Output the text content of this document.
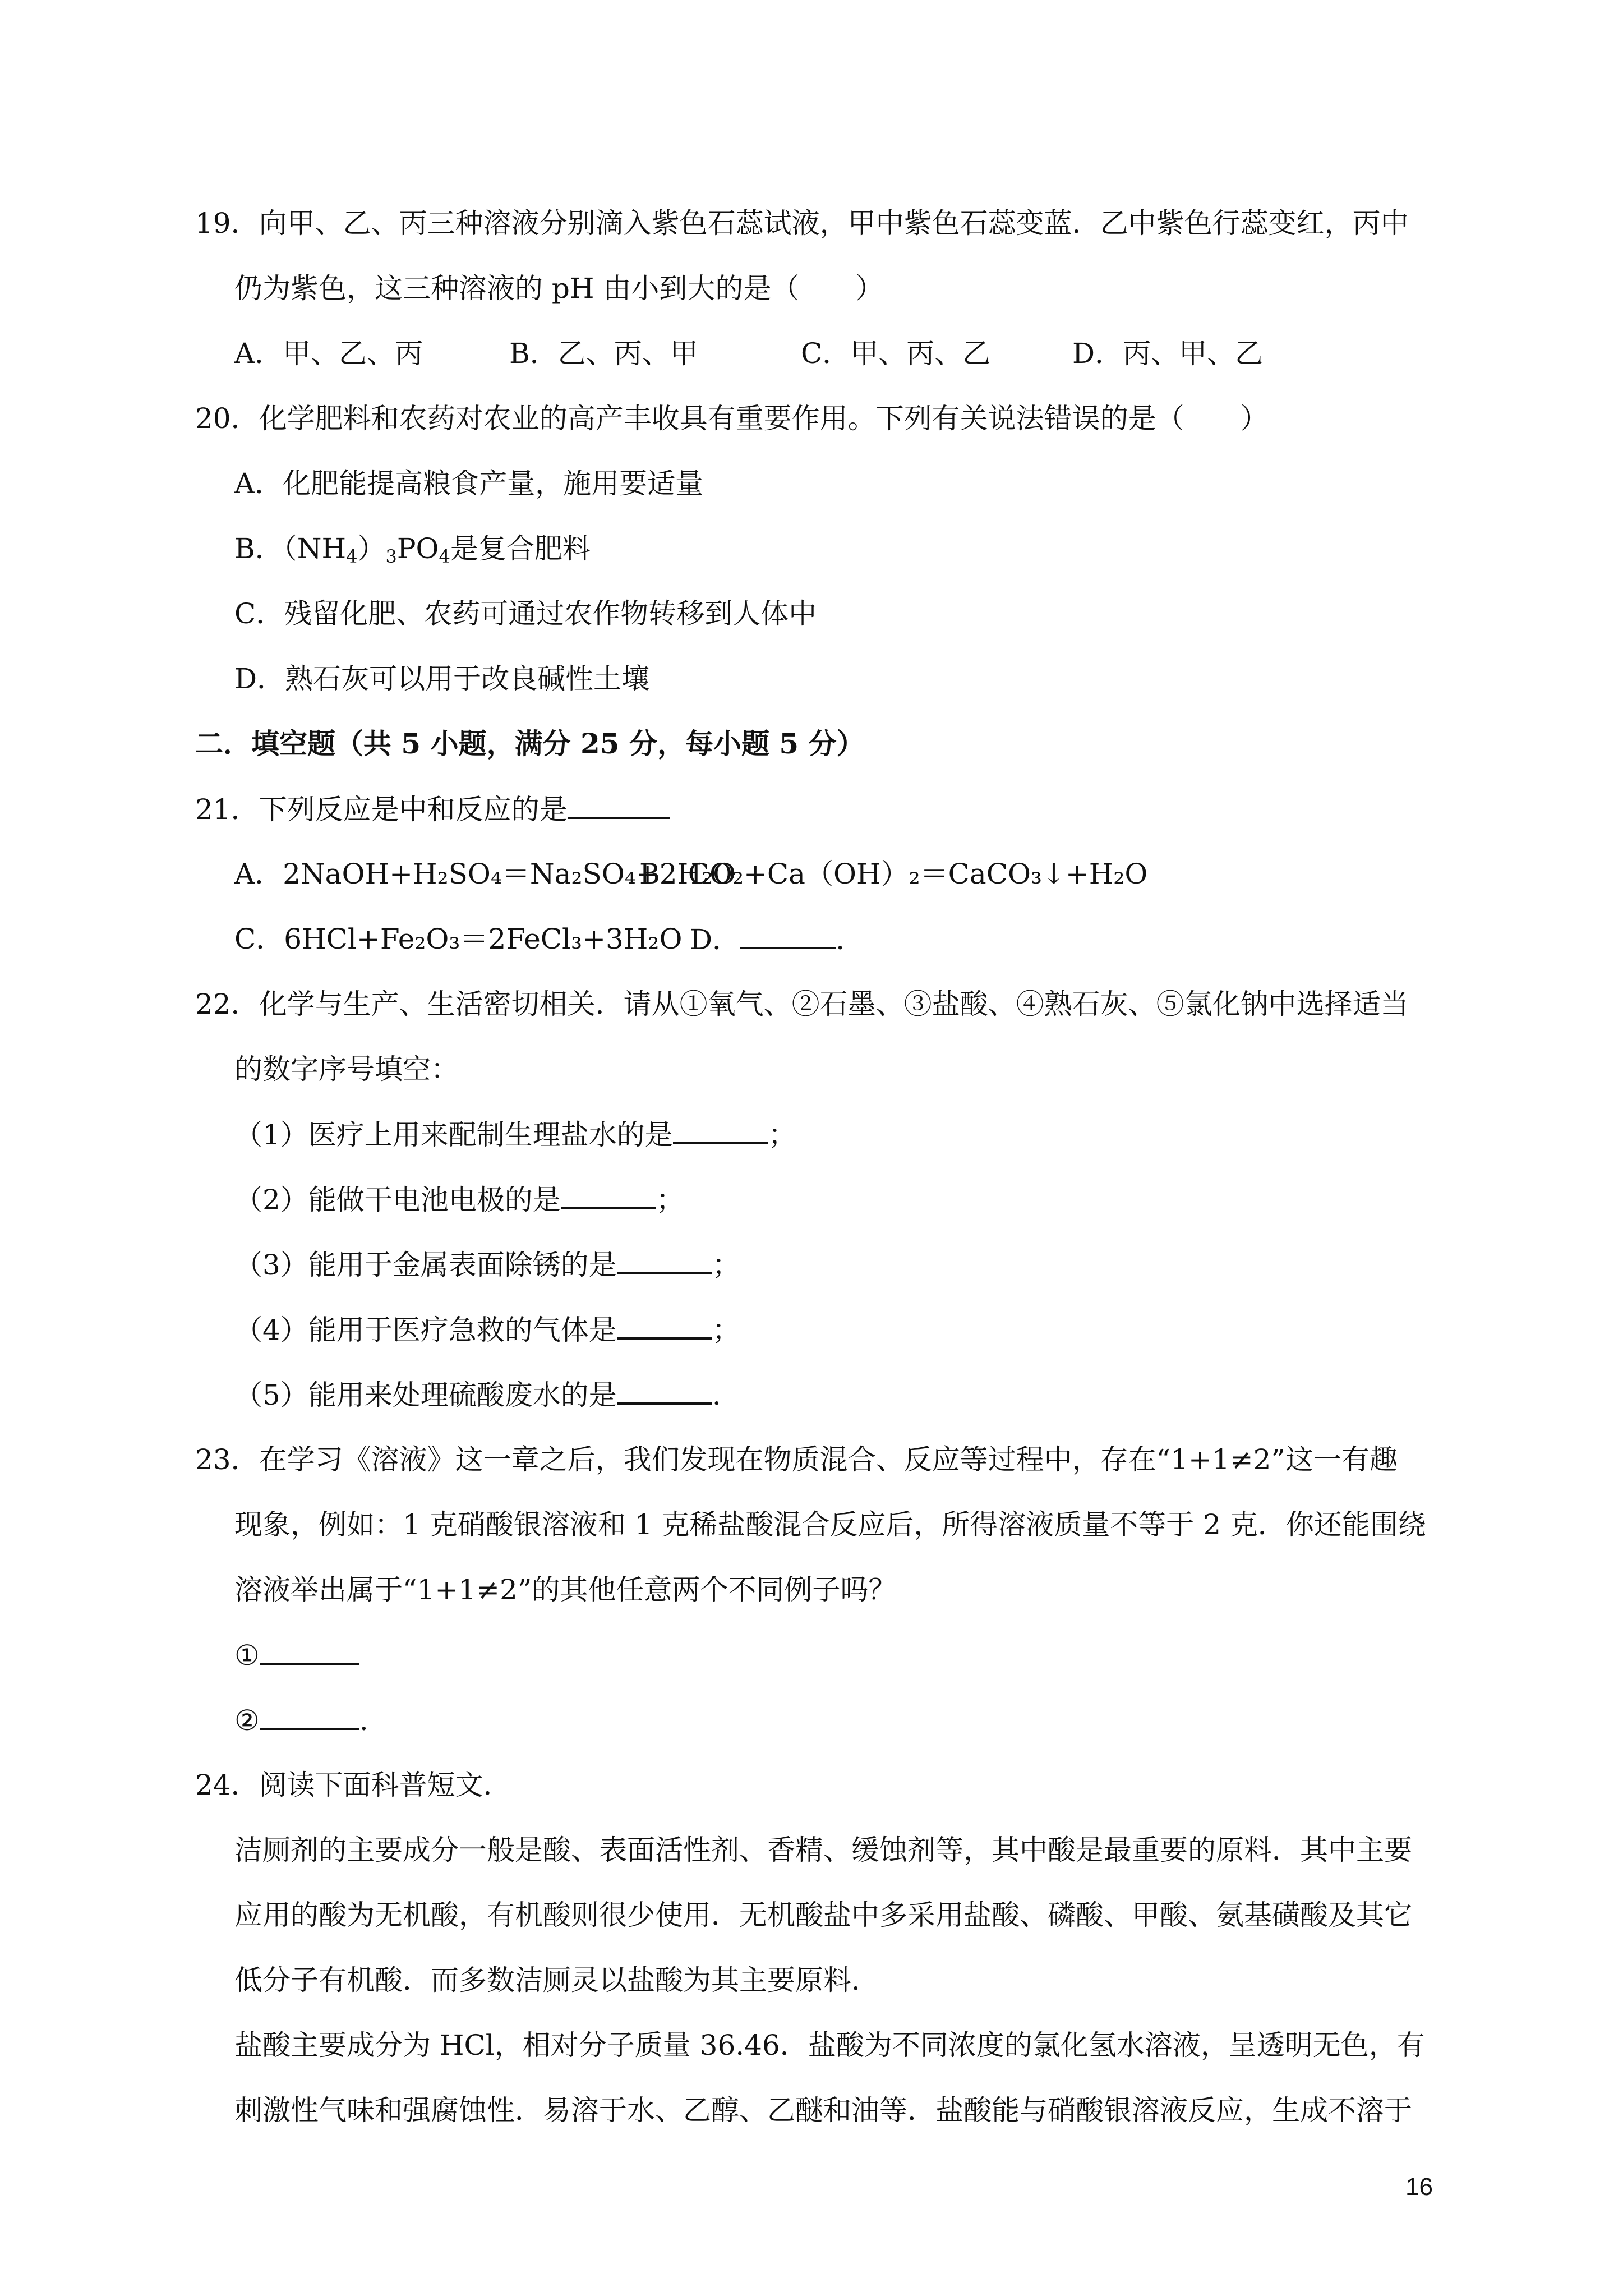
19．向甲、乙、丙三种溶液分别滴入紫色石蕊试液，甲中紫色石蕊变蓝．乙中紫色行蕊变红，丙中
仍为紫色，这三种溶液的 pH 由小到大的是（　　）
A．甲、乙、丙	B．乙、丙、甲	C．甲、丙、乙	D．丙、甲、乙
20．化学肥料和农药对农业的高产丰收具有重要作用。下列有关说法错误的是（　　）
A．化肥能提高粮食产量，施用要适量
B．$(NH_4)_3PO_4$是复合肥料
C．残留化肥、农药可通过农作物转移到人体中
D．熟石灰可以用于改良碱性土壤
二．填空题（共 5 小题，满分 25 分，每小题 5 分）
21．下列反应是中和反应的是
A．2NaOH+H₂SO₄＝Na₂SO₄+2H₂O
B．CO₂+Ca（OH）₂＝CaCO₃↓+H₂O
C．6HCl+Fe₂O₃＝2FeCl₃+3H₂O D．	.
22．化学与生产、生活密切相关．请从①氧气、②石墨、③盐酸、④熟石灰、⑤氯化钠中选择适当
的数字序号填空：
（1）医疗上用来配制生理盐水的是	；
（2）能做干电池电极的是	；
（3）能用于金属表面除锈的是	；
（4）能用于医疗急救的气体是	；
（5）能用来处理硫酸废水的是	.
23．在学习《溶液》这一章之后，我们发现在物质混合、反应等过程中，存在“1+1≠2”这一有趣
现象，例如：1 克硝酸银溶液和 1 克稀盐酸混合反应后，所得溶液质量不等于 2 克．你还能围绕
溶液举出属于“1+1≠2”的其他任意两个不同例子吗？
①
②	.
24．阅读下面科普短文．
洁厕剂的主要成分一般是酸、表面活性剂、香精、缓蚀剂等，其中酸是最重要的原料．其中主要
应用的酸为无机酸，有机酸则很少使用．无机酸盐中多采用盐酸、磷酸、甲酸、氨基磺酸及其它
低分子有机酸．而多数洁厕灵以盐酸为其主要原料．
盐酸主要成分为 HCl，相对分子质量 36.46．盐酸为不同浓度的氯化氢水溶液，呈透明无色，有
刺激性气味和强腐蚀性．易溶于水、乙醇、乙醚和油等．盐酸能与硝酸银溶液反应，生成不溶于
16
